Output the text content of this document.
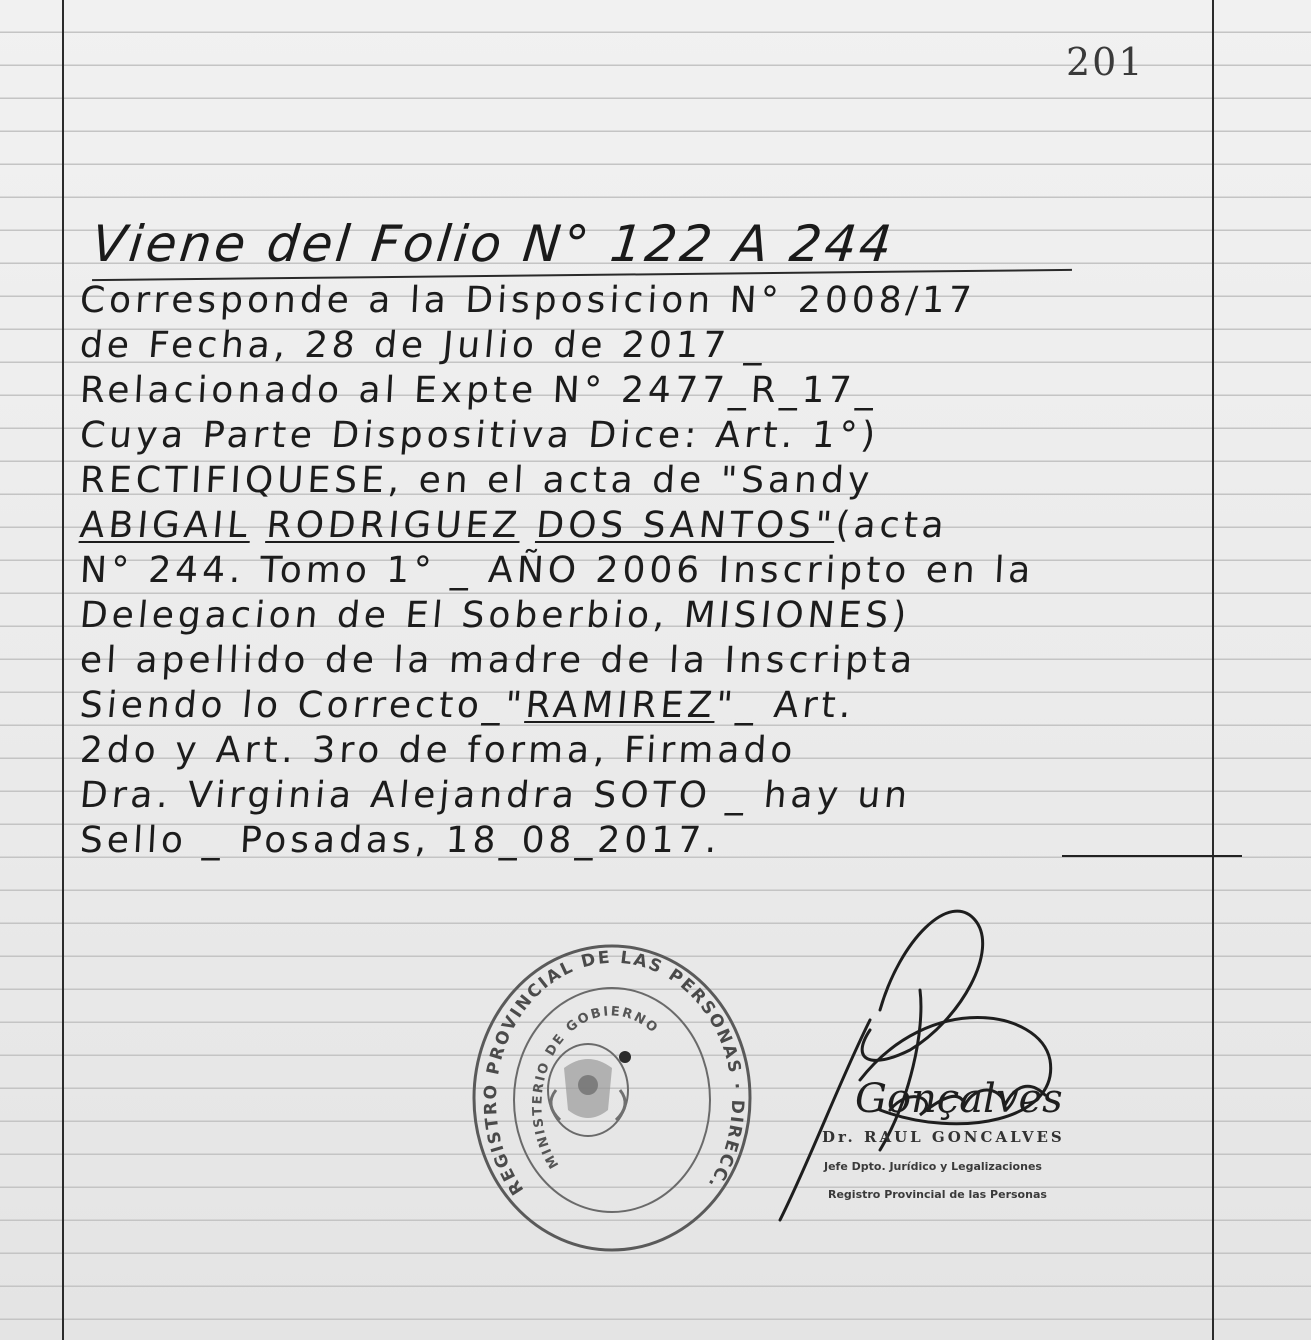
201
Viene del Folio N° 122 A 244
Corresponde a la Disposicion N° 2008/17
de Fecha, 28 de Julio de 2017 _
Relacionado al Expte N° 2477_R_17_
Cuya Parte Dispositiva Dice: Art. 1°)
RECTIFIQUESE, en el acta de "Sandy
ABIGAIL RODRIGUEZ DOS SANTOS"(acta
N° 244. Tomo 1° _ AÑO 2006 Inscripto en la
Delegacion de El Soberbio, MISIONES)
el apellido de la madre de la Inscripta
Siendo lo Correcto_"RAMIREZ"_ Art.
2do y Art. 3ro de forma, Firmado
Dra. Virginia Alejandra SOTO _ hay un
Sello _ Posadas, 18_08_2017.
REGISTRO PROVINCIAL DE LAS PERSONAS · DIRECC.
MINISTERIO DE GOBIERNO
Gonçalves
Dr. RAUL GONCALVES
Jefe Dpto. Jurídico y Legalizaciones
Registro Provincial de las Personas
